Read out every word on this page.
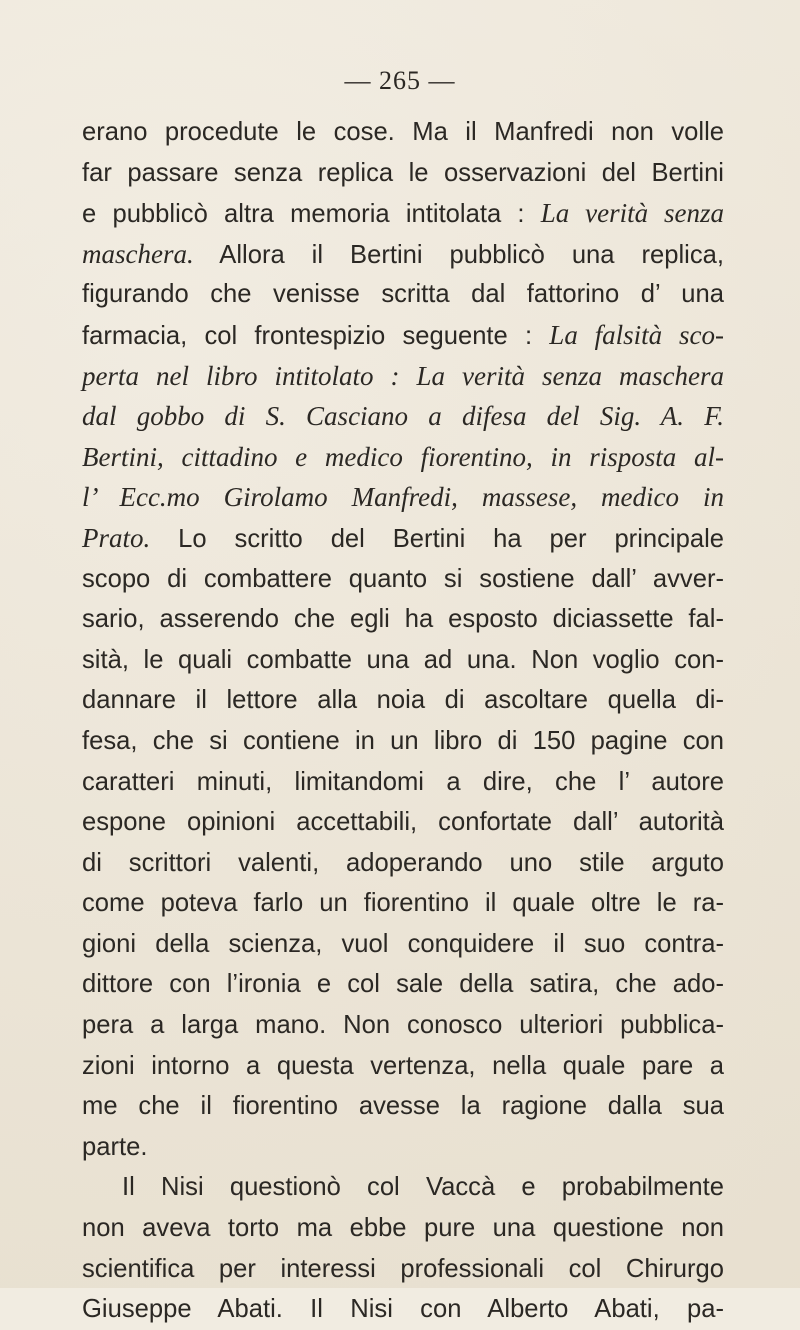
— 265 —
erano procedute le cose. Ma il Manfredi non volle
far passare senza replica le osservazioni del Bertini
e pubblicò altra memoria intitolata : La verità senza
maschera. Allora il Bertini pubblicò una replica,
figurando che venisse scritta dal fattorino d’ una
farmacia, col frontespizio seguente : La falsità sco-
perta nel libro intitolato : La verità senza maschera
dal gobbo di S. Casciano a difesa del Sig. A. F.
Bertini, cittadino e medico fiorentino, in risposta al-
l’ Ecc.mo Girolamo Manfredi, massese, medico in
Prato. Lo scritto del Bertini ha per principale
scopo di combattere quanto si sostiene dall’ avver-
sario, asserendo che egli ha esposto diciassette fal-
sità, le quali combatte una ad una. Non voglio con-
dannare il lettore alla noia di ascoltare quella di-
fesa, che si contiene in un libro di 150 pagine con
caratteri minuti, limitandomi a dire, che l’ autore
espone opinioni accettabili, confortate dall’ autorità
di scrittori valenti, adoperando uno stile arguto
come poteva farlo un fiorentino il quale oltre le ra-
gioni della scienza, vuol conquidere il suo contra-
dittore con l’ironia e col sale della satira, che ado-
pera a larga mano. Non conosco ulteriori pubblica-
zioni intorno a questa vertenza, nella quale pare a
me che il fiorentino avesse la ragione dalla sua
parte.
Il Nisi questionò col Vaccà e probabilmente
non aveva torto ma ebbe pure una questione non
scientifica per interessi professionali col Chirurgo
Giuseppe Abati. Il Nisi con Alberto Abati, pa-
